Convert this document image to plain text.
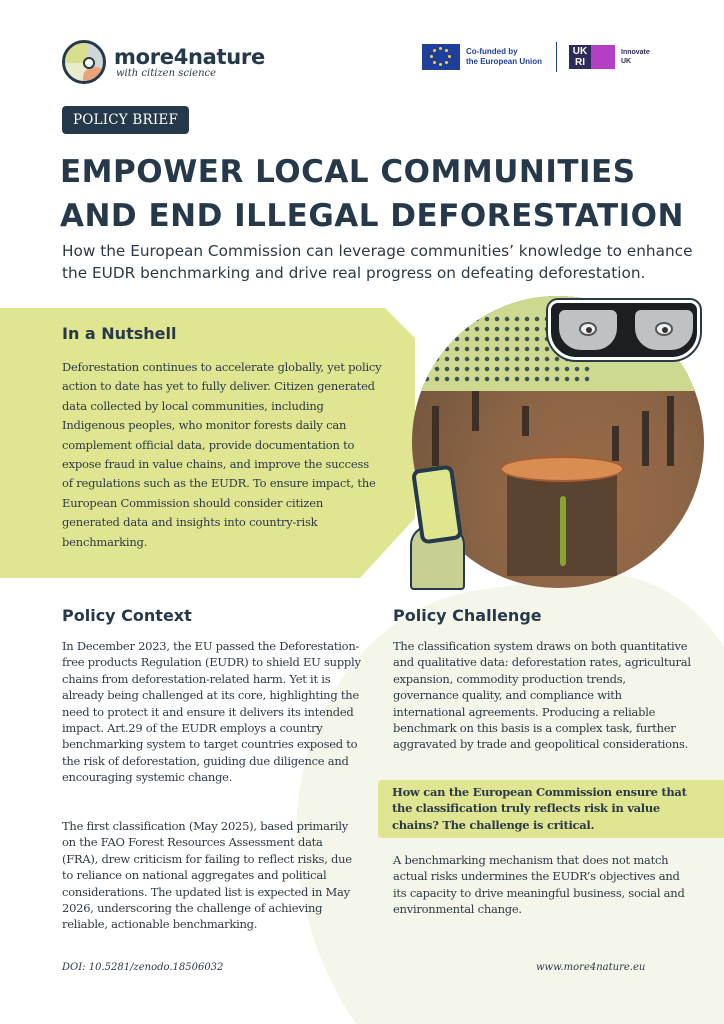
more4nature
with citizen science
Co-funded by
the European Union
UK RI
Innovate
UK
POLICY BRIEF
EMPOWER LOCAL COMMUNITIES
AND END ILLEGAL DEFORESTATION
How the European Commission can leverage communities’ knowledge to enhance the EUDR benchmarking and drive real progress on defeating deforestation.
In a Nutshell
Deforestation continues to accelerate globally, yet policy action to date has yet to fully deliver. Citizen generated data collected by local communities, including Indigenous peoples, who monitor forests daily can complement official data, provide documentation to expose fraud in value chains, and improve the success of regulations such as the EUDR. To ensure impact, the European Commission should consider citizen generated data and insights into country-risk benchmarking.
Policy Context
In December 2023, the EU passed the Deforestation-free products Regulation (EUDR) to shield EU supply chains from deforestation-related harm. Yet it is already being challenged at its core, highlighting the need to protect it and ensure it delivers its intended impact. Art.29 of the EUDR employs a country benchmarking system to target countries exposed to the risk of deforestation, guiding due diligence and encouraging systemic change.
The first classification (May 2025), based primarily on the FAO Forest Resources Assessment data (FRA), drew criticism for failing to reflect risks, due to reliance on national aggregates and political considerations. The updated list is expected in May 2026, underscoring the challenge of achieving reliable, actionable benchmarking.
Policy Challenge
The classification system draws on both quantitative and qualitative data: deforestation rates, agricultural expansion, commodity production trends, governance quality, and compliance with international agreements. Producing a reliable benchmark on this basis is a complex task, further aggravated by trade and geopolitical considerations.
How can the European Commission ensure that the classification truly reflects risk in value chains? The challenge is critical.
A benchmarking mechanism that does not match actual risks undermines the EUDR’s objectives and its capacity to drive meaningful business, social and environmental change.
DOI: 10.5281/zenodo.18506032	www.more4nature.eu
